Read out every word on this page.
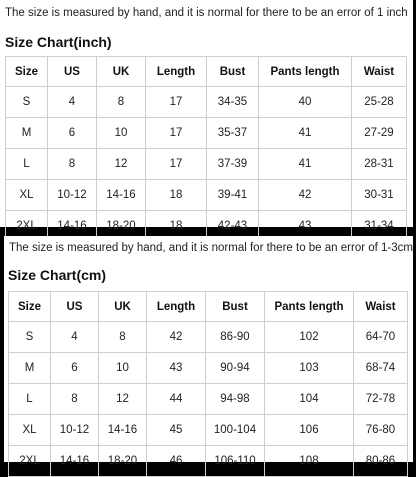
The size is measured by hand, and it is normal for there to be an error of 1 inch
Size Chart(inch)
Size	US	UK	Length	Bust	Pants length	Waist
S	4	8	17	34-35	40	25-28
M	6	10	17	35-37	41	27-29
L	8	12	17	37-39	41	28-31
XL	10-12	14-16	18	39-41	42	30-31
2XL	14-16	18-20	18	42-43	43	31-34
The size is measured by hand, and it is normal for there to be an error of 1-3cm
Size Chart(cm)
Size	US	UK	Length	Bust	Pants length	Waist
S	4	8	42	86-90	102	64-70
M	6	10	43	90-94	103	68-74
L	8	12	44	94-98	104	72-78
XL	10-12	14-16	45	100-104	106	76-80
2XL	14-16	18-20	46	106-110	108	80-86
